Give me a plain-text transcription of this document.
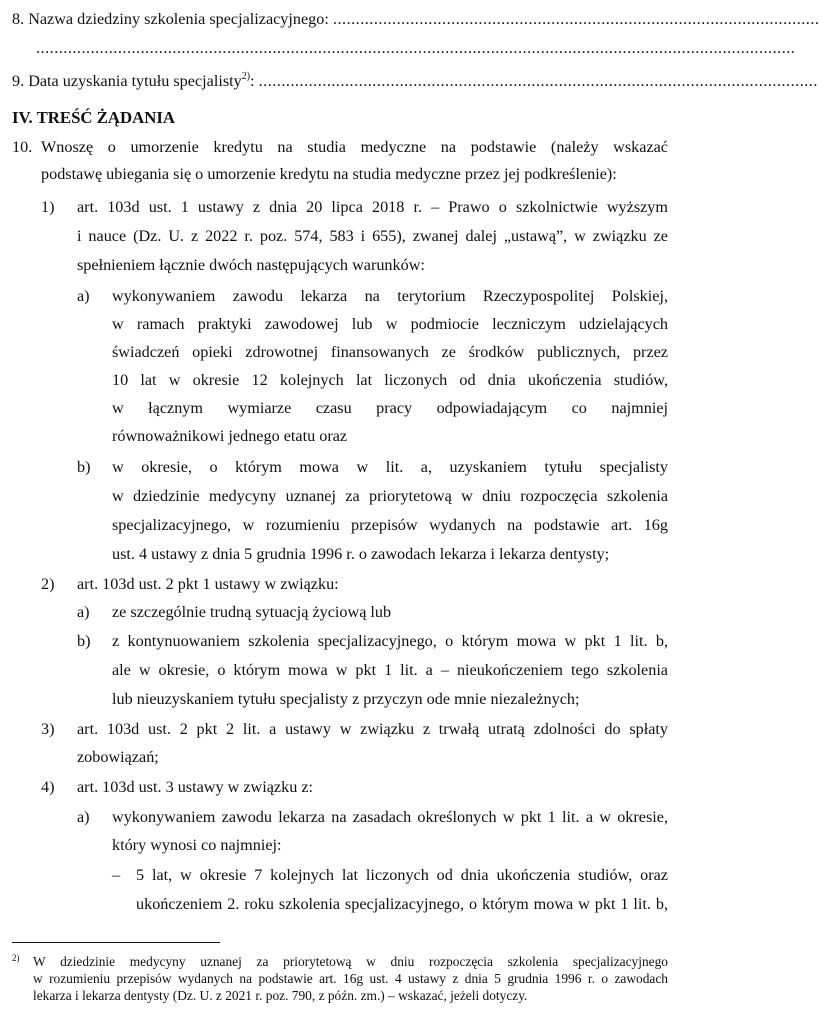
8. Nazwa dziedziny szkolenia specjalizacyjnego: ...........................................................................................................
.......................................................................................................................................................................
9. Data uzyskania tytułu specjalisty$^{2)}$: ...........................................................................................................................
IV. TREŚĆ ŻĄDANIA
10. Wnoszę o umorzenie kredytu na studia medyczne na podstawie (należy wskazać
podstawę ubiegania się o umorzenie kredytu na studia medyczne przez jej podkreślenie):
1) art. 103d ust. 1 ustawy z dnia 20 lipca 2018 r. – Prawo o szkolnictwie wyższym
i nauce (Dz. U. z 2022 r. poz. 574, 583 i 655), zwanej dalej „ustawą”, w związku ze
spełnieniem łącznie dwóch następujących warunków:
a) wykonywaniem zawodu lekarza na terytorium Rzeczypospolitej Polskiej,
w ramach praktyki zawodowej lub w podmiocie leczniczym udzielających
świadczeń opieki zdrowotnej finansowanych ze środków publicznych, przez
10 lat w okresie 12 kolejnych lat liczonych od dnia ukończenia studiów,
w łącznym wymiarze czasu pracy odpowiadającym co najmniej
równoważnikowi jednego etatu oraz
b) w okresie, o którym mowa w lit. a, uzyskaniem tytułu specjalisty
w dziedzinie medycyny uznanej za priorytetową w dniu rozpoczęcia szkolenia
specjalizacyjnego, w rozumieniu przepisów wydanych na podstawie art. 16g
ust. 4 ustawy z dnia 5 grudnia 1996 r. o zawodach lekarza i lekarza dentysty;
2) art. 103d ust. 2 pkt 1 ustawy w związku:
a) ze szczególnie trudną sytuacją życiową lub
b) z kontynuowaniem szkolenia specjalizacyjnego, o którym mowa w pkt 1 lit. b,
ale w okresie, o którym mowa w pkt 1 lit. a – nieukończeniem tego szkolenia
lub nieuzyskaniem tytułu specjalisty z przyczyn ode mnie niezależnych;
3) art. 103d ust. 2 pkt 2 lit. a ustawy w związku z trwałą utratą zdolności do spłaty
zobowiązań;
4) art. 103d ust. 3 ustawy w związku z:
a) wykonywaniem zawodu lekarza na zasadach określonych w pkt 1 lit. a w okresie,
który wynosi co najmniej:
– 5 lat, w okresie 7 kolejnych lat liczonych od dnia ukończenia studiów, oraz
ukończeniem 2. roku szkolenia specjalizacyjnego, o którym mowa w pkt 1 lit. b,
2) W dziedzinie medycyny uznanej za priorytetową w dniu rozpoczęcia szkolenia specjalizacyjnego
w rozumieniu przepisów wydanych na podstawie art. 16g ust. 4 ustawy z dnia 5 grudnia 1996 r. o zawodach
lekarza i lekarza dentysty (Dz. U. z 2021 r. poz. 790, z późn. zm.) – wskazać, jeżeli dotyczy.
